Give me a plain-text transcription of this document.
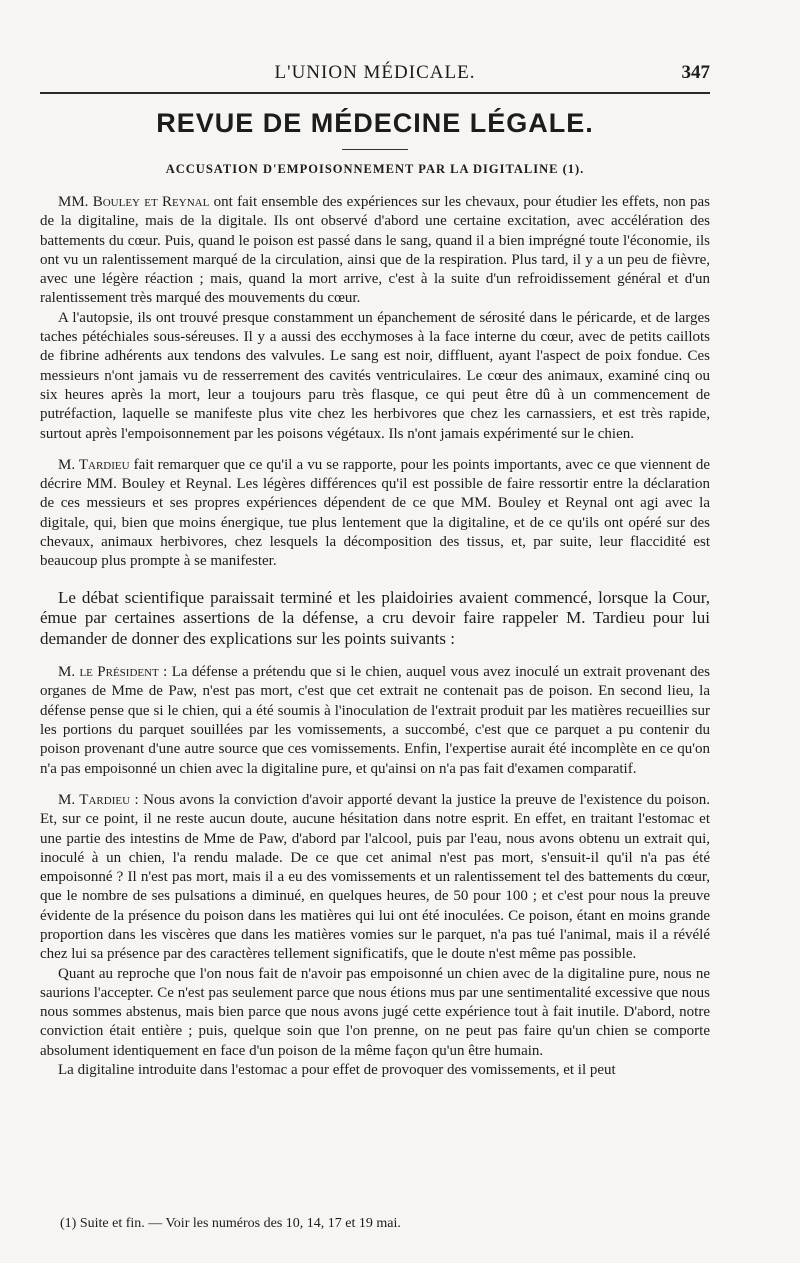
L'UNION MÉDICALE.	347
REVUE DE MÉDECINE LÉGALE.
ACCUSATION D'EMPOISONNEMENT PAR LA DIGITALINE (1).

MM. Bouley et Reynal ont fait ensemble des expériences sur les chevaux, pour étudier les effets, non pas de la digitaline, mais de la digitale. Ils ont observé d'abord une certaine excitation, avec accélération des battements du cœur. Puis, quand le poison est passé dans le sang, quand il a bien imprégné toute l'économie, ils ont vu un ralentissement marqué de la circulation, ainsi que de la respiration. Plus tard, il y a un peu de fièvre, avec une légère réaction ; mais, quand la mort arrive, c'est à la suite d'un refroidissement général et d'un ralentissement très marqué des mouvements du cœur.

A l'autopsie, ils ont trouvé presque constamment un épanchement de sérosité dans le péricarde, et de larges taches pétéchiales sous-séreuses. Il y a aussi des ecchymoses à la face interne du cœur, avec de petits caillots de fibrine adhérents aux tendons des valvules. Le sang est noir, diffluent, ayant l'aspect de poix fondue. Ces messieurs n'ont jamais vu de resserrement des cavités ventriculaires. Le cœur des animaux, examiné cinq ou six heures après la mort, leur a toujours paru très flasque, ce qui peut être dû à un commencement de putréfaction, laquelle se manifeste plus vite chez les herbivores que chez les carnassiers, et est très rapide, surtout après l'empoisonnement par les poisons végétaux. Ils n'ont jamais expérimenté sur le chien.

M. Tardieu fait remarquer que ce qu'il a vu se rapporte, pour les points importants, avec ce que viennent de décrire MM. Bouley et Reynal. Les légères différences qu'il est possible de faire ressortir entre la déclaration de ces messieurs et ses propres expériences dépendent de ce que MM. Bouley et Reynal ont agi avec la digitale, qui, bien que moins énergique, tue plus lentement que la digitaline, et de ce qu'ils ont opéré sur des chevaux, animaux herbivores, chez lesquels la décomposition des tissus, et, par suite, leur flaccidité est beaucoup plus prompte à se manifester.

Le débat scientifique paraissait terminé et les plaidoiries avaient commencé, lorsque la Cour, émue par certaines assertions de la défense, a cru devoir faire rappeler M. Tardieu pour lui demander de donner des explications sur les points suivants :

M. le Président : La défense a prétendu que si le chien, auquel vous avez inoculé un extrait provenant des organes de Mme de Paw, n'est pas mort, c'est que cet extrait ne contenait pas de poison. En second lieu, la défense pense que si le chien, qui a été soumis à l'inoculation de l'extrait produit par les matières recueillies sur les portions du parquet souillées par les vomissements, a succombé, c'est que ce parquet a pu contenir du poison provenant d'une autre source que ces vomissements. Enfin, l'expertise aurait été incomplète en ce qu'on n'a pas empoisonné un chien avec la digitaline pure, et qu'ainsi on n'a pas fait d'examen comparatif.

M. Tardieu : Nous avons la conviction d'avoir apporté devant la justice la preuve de l'existence du poison. Et, sur ce point, il ne reste aucun doute, aucune hésitation dans notre esprit. En effet, en traitant l'estomac et une partie des intestins de Mme de Paw, d'abord par l'alcool, puis par l'eau, nous avons obtenu un extrait qui, inoculé à un chien, l'a rendu malade. De ce que cet animal n'est pas mort, s'ensuit-il qu'il n'a pas été empoisonné ? Il n'est pas mort, mais il a eu des vomissements et un ralentissement tel des battements du cœur, que le nombre de ses pulsations a diminué, en quelques heures, de 50 pour 100 ; et c'est pour nous la preuve évidente de la présence du poison dans les matières qui lui ont été inoculées. Ce poison, étant en moins grande proportion dans les viscères que dans les matières vomies sur le parquet, n'a pas tué l'animal, mais il a révélé chez lui sa présence par des caractères tellement significatifs, que le doute n'est même pas possible.

Quant au reproche que l'on nous fait de n'avoir pas empoisonné un chien avec de la digitaline pure, nous ne saurions l'accepter. Ce n'est pas seulement parce que nous étions mus par une sentimentalité excessive que nous nous sommes abstenus, mais bien parce que nous avons jugé cette expérience tout à fait inutile. D'abord, notre conviction était entière ; puis, quelque soin que l'on prenne, on ne peut pas faire qu'un chien se comporte absolument identiquement en face d'un poison de la même façon qu'un être humain.

La digitaline introduite dans l'estomac a pour effet de provoquer des vomissements, et il peut

(1) Suite et fin. — Voir les numéros des 10, 14, 17 et 19 mai.
